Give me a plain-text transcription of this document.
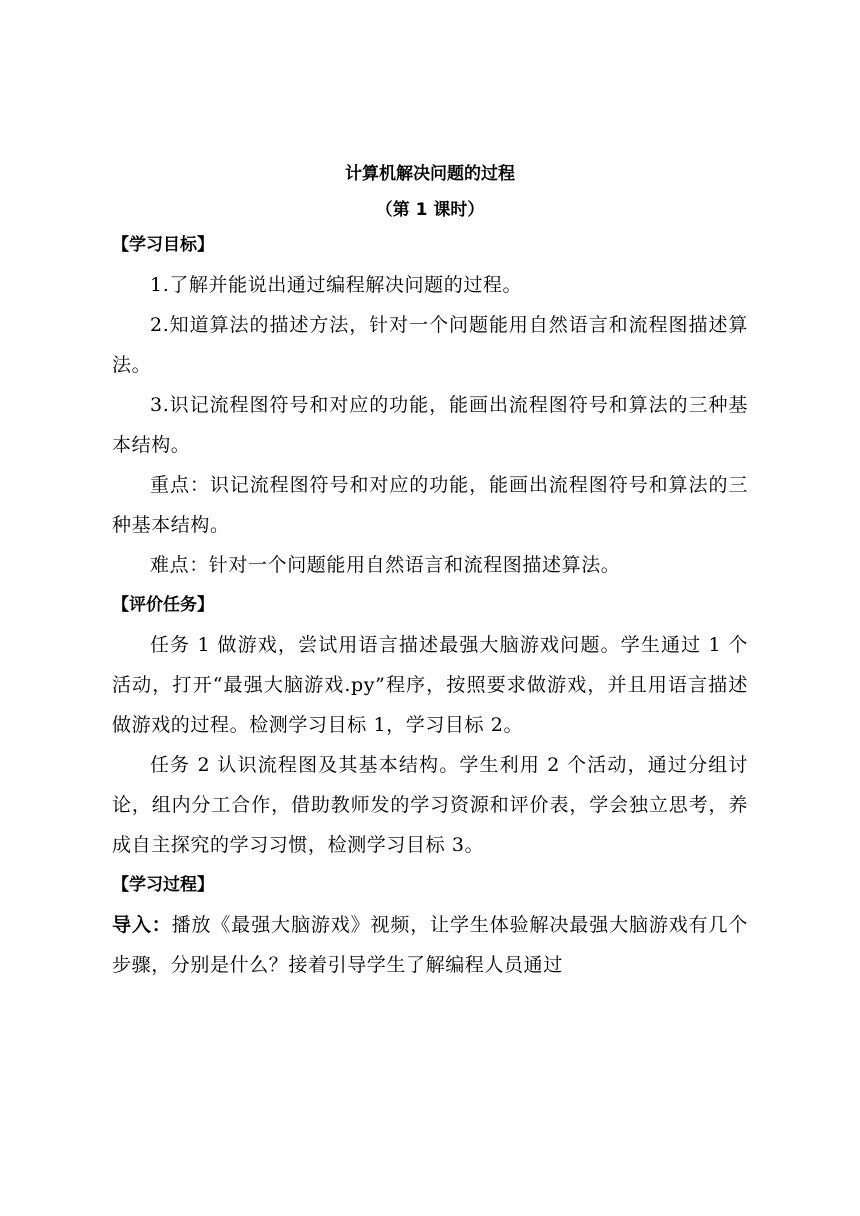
计算机解决问题的过程
（第 1 课时）
【学习目标】

1.了解并能说出通过编程解决问题的过程。

2.知道算法的描述方法，针对一个问题能用自然语言和流程图描述算法。

3.识记流程图符号和对应的功能，能画出流程图符号和算法的三种基本结构。

重点：识记流程图符号和对应的功能，能画出流程图符号和算法的三种基本结构。

难点：针对一个问题能用自然语言和流程图描述算法。

【评价任务】

任务 1 做游戏，尝试用语言描述最强大脑游戏问题。学生通过 1 个活动，打开“最强大脑游戏.py”程序，按照要求做游戏，并且用语言描述做游戏的过程。检测学习目标 1，学习目标 2。

任务 2 认识流程图及其基本结构。学生利用 2 个活动，通过分组讨论，组内分工合作，借助教师发的学习资源和评价表，学会独立思考，养成自主探究的学习习惯，检测学习目标 3。

【学习过程】

导入：播放《最强大脑游戏》视频，让学生体验解决最强大脑游戏有几个步骤，分别是什么？接着引导学生了解编程人员通过
